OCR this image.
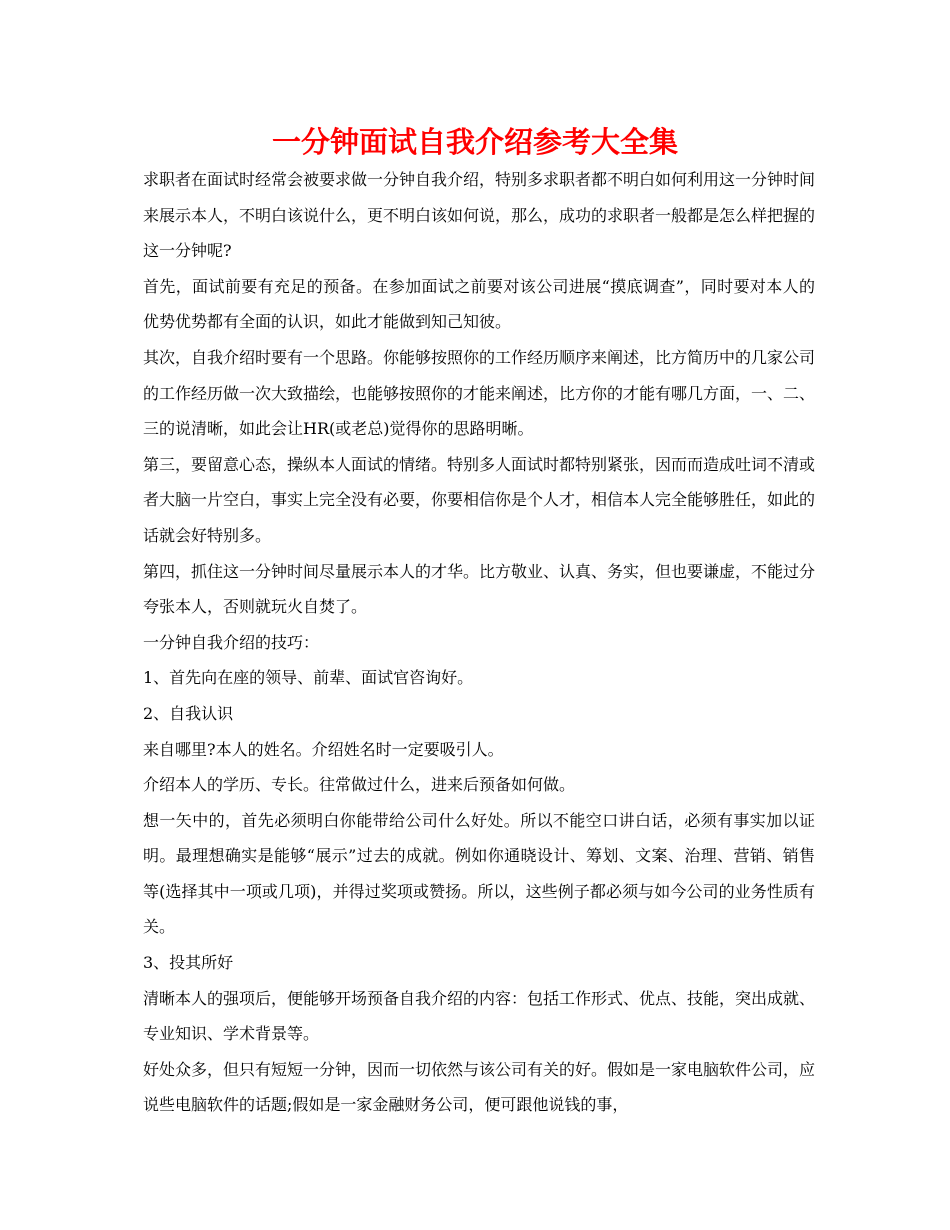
一分钟面试自我介绍参考大全集

求职者在面试时经常会被要求做一分钟自我介绍，特别多求职者都不明白如何利用这一分钟时间来展示本人，不明白该说什么，更不明白该如何说，那么，成功的求职者一般都是怎么样把握的这一分钟呢?

首先，面试前要有充足的预备。在参加面试之前要对该公司进展“摸底调查”，同时要对本人的优势优势都有全面的认识，如此才能做到知己知彼。

其次，自我介绍时要有一个思路。你能够按照你的工作经历顺序来阐述，比方简历中的几家公司的工作经历做一次大致描绘，也能够按照你的才能来阐述，比方你的才能有哪几方面，一、二、三的说清晰，如此会让HR(或老总)觉得你的思路明晰。

第三，要留意心态，操纵本人面试的情绪。特别多人面试时都特别紧张，因而而造成吐词不清或者大脑一片空白，事实上完全没有必要，你要相信你是个人才，相信本人完全能够胜任，如此的话就会好特别多。

第四，抓住这一分钟时间尽量展示本人的才华。比方敬业、认真、务实，但也要谦虚，不能过分夸张本人，否则就玩火自焚了。

一分钟自我介绍的技巧：

1、首先向在座的领导、前辈、面试官咨询好。

2、自我认识

来自哪里?本人的姓名。介绍姓名时一定要吸引人。

介绍本人的学历、专长。往常做过什么，进来后预备如何做。

想一矢中的，首先必须明白你能带给公司什么好处。所以不能空口讲白话，必须有事实加以证明。最理想确实是能够“展示”过去的成就。例如你通晓设计、筹划、文案、治理、营销、销售等(选择其中一项或几项)，并得过奖项或赞扬。所以，这些例子都必须与如今公司的业务性质有关。

3、投其所好

清晰本人的强项后，便能够开场预备自我介绍的内容：包括工作形式、优点、技能，突出成就、专业知识、学术背景等。

好处众多，但只有短短一分钟，因而一切依然与该公司有关的好。假如是一家电脑软件公司，应说些电脑软件的话题;假如是一家金融财务公司，便可跟他说钱的事，
